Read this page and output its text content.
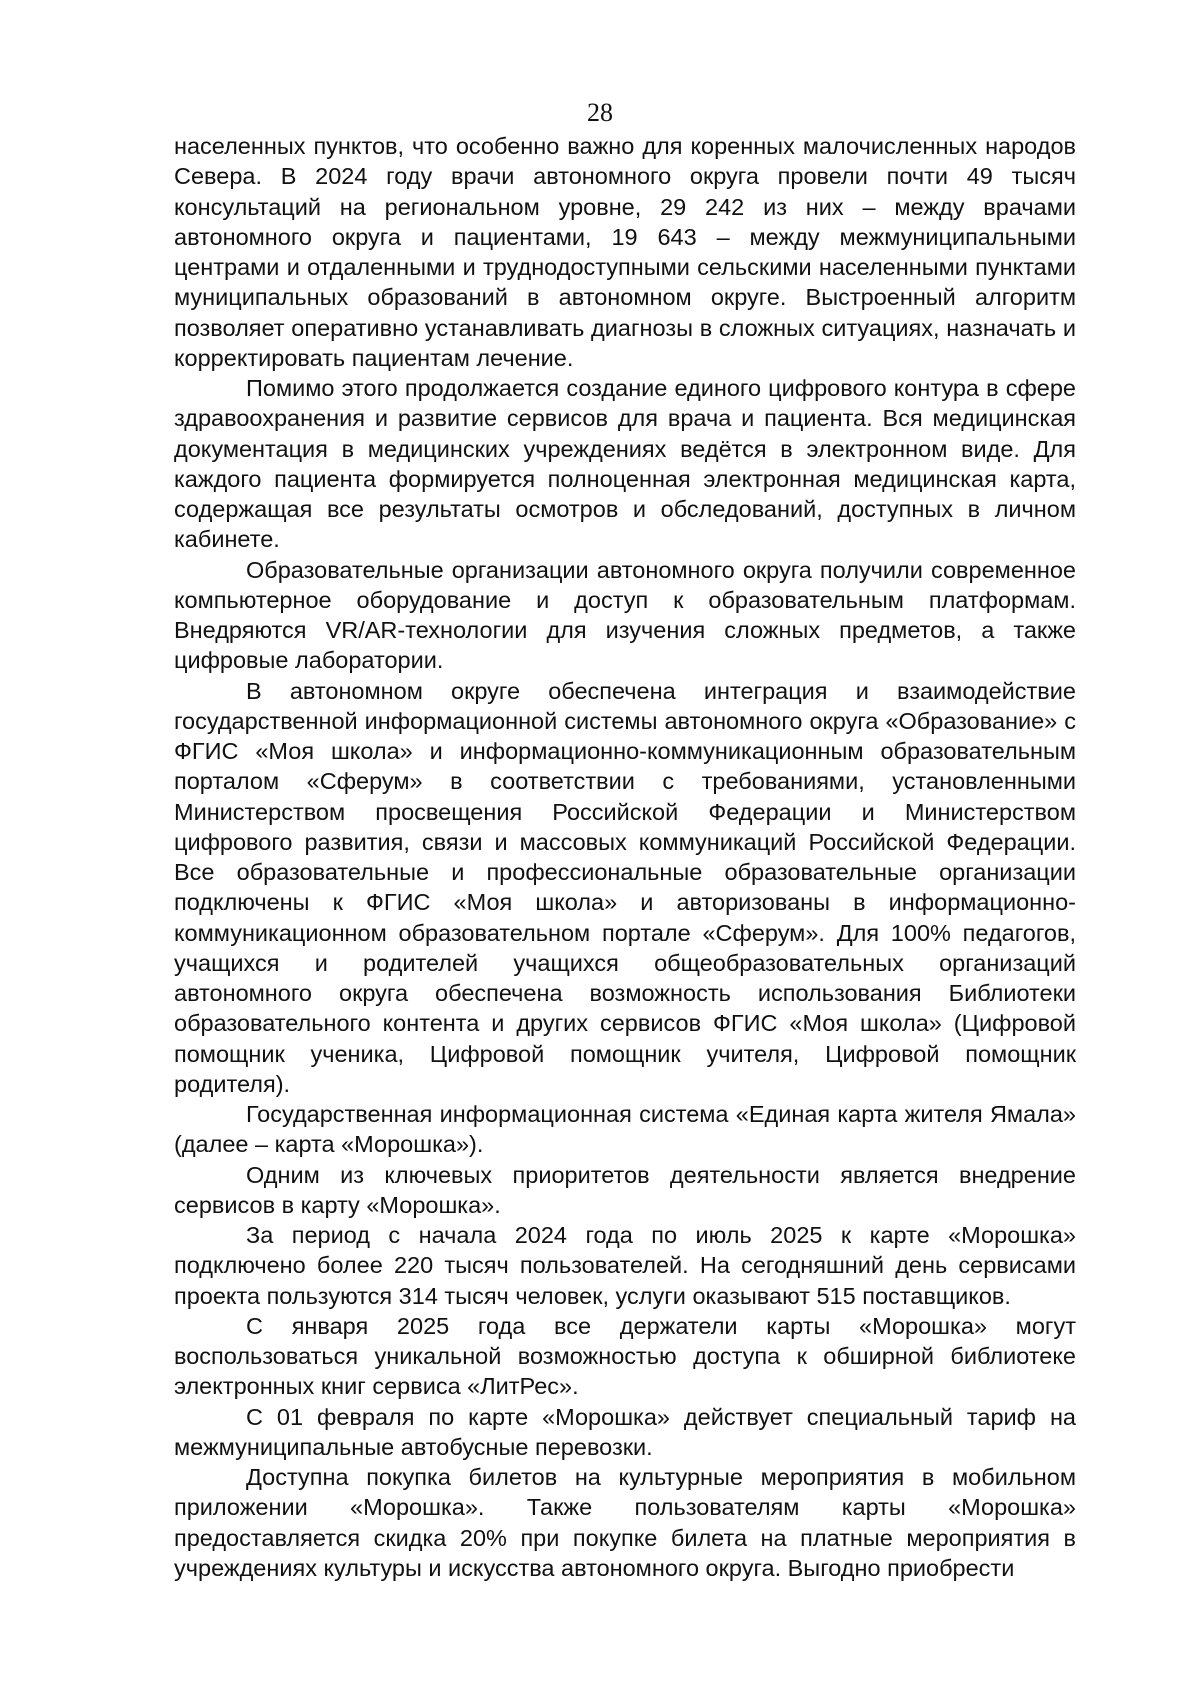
28

населенных пунктов, что особенно важно для коренных малочисленных народов Севера. В 2024 году врачи автономного округа провели почти 49 тысяч консультаций на региональном уровне, 29 242 из них – между врачами автономного округа и пациентами, 19 643 – между межмуниципальными центрами и отдаленными и труднодоступными сельскими населенными пунктами муниципальных образований в автономном округе. Выстроенный алгоритм позволяет оперативно устанавливать диагнозы в сложных ситуациях, назначать и корректировать пациентам лечение.

Помимо этого продолжается создание единого цифрового контура в сфере здравоохранения и развитие сервисов для врача и пациента. Вся медицинская документация в медицинских учреждениях ведётся в электронном виде. Для каждого пациента формируется полноценная электронная медицинская карта, содержащая все результаты осмотров и обследований, доступных в личном кабинете.

Образовательные организации автономного округа получили современное компьютерное оборудование и доступ к образовательным платформам. Внедряются VR/AR-технологии для изучения сложных предметов, а также цифровые лаборатории.

В автономном округе обеспечена интеграция и взаимодействие государственной информационной системы автономного округа «Образование» с ФГИС «Моя школа» и информационно-коммуникационным образовательным порталом «Сферум» в соответствии с требованиями, установленными Министерством просвещения Российской Федерации и Министерством цифрового развития, связи и массовых коммуникаций Российской Федерации. Все образовательные и профессиональные образовательные организации подключены к ФГИС «Моя школа» и авторизованы в информационно-коммуникационном образовательном портале «Сферум». Для 100% педагогов, учащихся и родителей учащихся общеобразовательных организаций автономного округа обеспечена возможность использования Библиотеки образовательного контента и других сервисов ФГИС «Моя школа» (Цифровой помощник ученика, Цифровой помощник учителя, Цифровой помощник родителя).

Государственная информационная система «Единая карта жителя Ямала» (далее – карта «Морошка»).

Одним из ключевых приоритетов деятельности является внедрение сервисов в карту «Морошка».

За период с начала 2024 года по июль 2025 к карте «Морошка» подключено более 220 тысяч пользователей. На сегодняшний день сервисами проекта пользуются 314 тысяч человек, услуги оказывают 515 поставщиков.

С января 2025 года все держатели карты «Морошка» могут воспользоваться уникальной возможностью доступа к обширной библиотеке электронных книг сервиса «ЛитРес».

С 01 февраля по карте «Морошка» действует специальный тариф на межмуниципальные автобусные перевозки.

Доступна покупка билетов на культурные мероприятия в мобильном приложении «Морошка». Также пользователям карты «Морошка» предоставляется скидка 20% при покупке билета на платные мероприятия в учреждениях культуры и искусства автономного округа. Выгодно приобрести
